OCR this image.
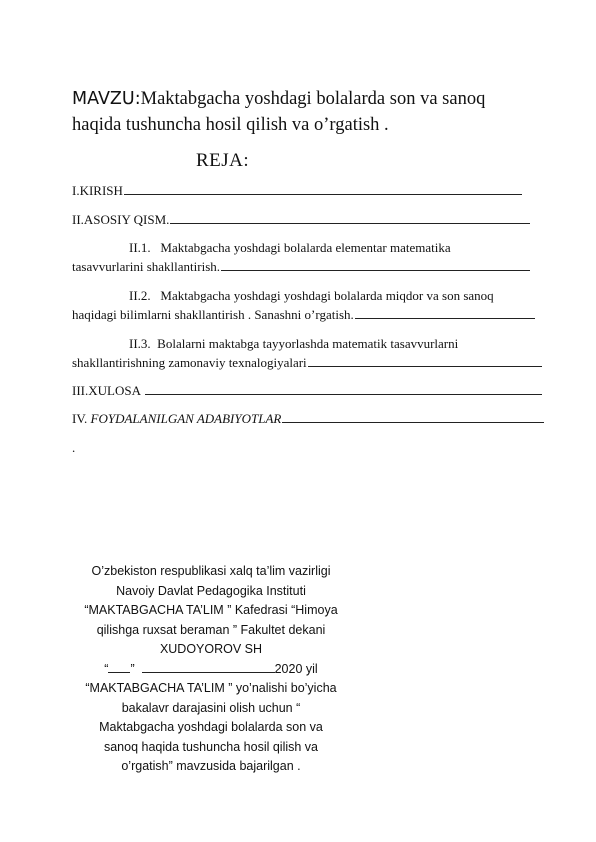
MAVZU:Maktabgacha yoshdagi bolalarda son va sanoq
haqida tushuncha hosil qilish va o’rgatish .
REJA:
I.KIRISH
II.ASOSIY QISM.
II.1. Maktabgacha yoshdagi bolalarda elementar matematika
tasavvurlarini shakllantirish.
II.2. Maktabgacha yoshdagi yoshdagi bolalarda miqdor va son sanoq
haqidagi bilimlarni shakllantirish . Sanashni o’rgatish.
II.3. Bolalarni maktabga tayyorlashda matematik tasavvurlarni
shakllantirishning zamonaviy texnalogiyalari
III.XULOSA

IV.
FOYDALANILGAN ADABIYOTLAR
.
O’zbekiston respublikasi xalq ta’lim vazirligi
Navoiy Davlat Pedagogika Instituti
“MAKTABGACHA TA’LIM ” Kafedrasi “Himoya
qilishga ruxsat beraman ” Fakultet dekani
XUDOYOROV SH
“ ”	2020 yil
“MAKTABGACHA TA’LIM ” yo’nalishi bo’yicha
bakalavr darajasini olish uchun “
Maktabgacha yoshdagi bolalarda son va
sanoq haqida tushuncha hosil qilish va
o’rgatish” mavzusida bajarilgan .
